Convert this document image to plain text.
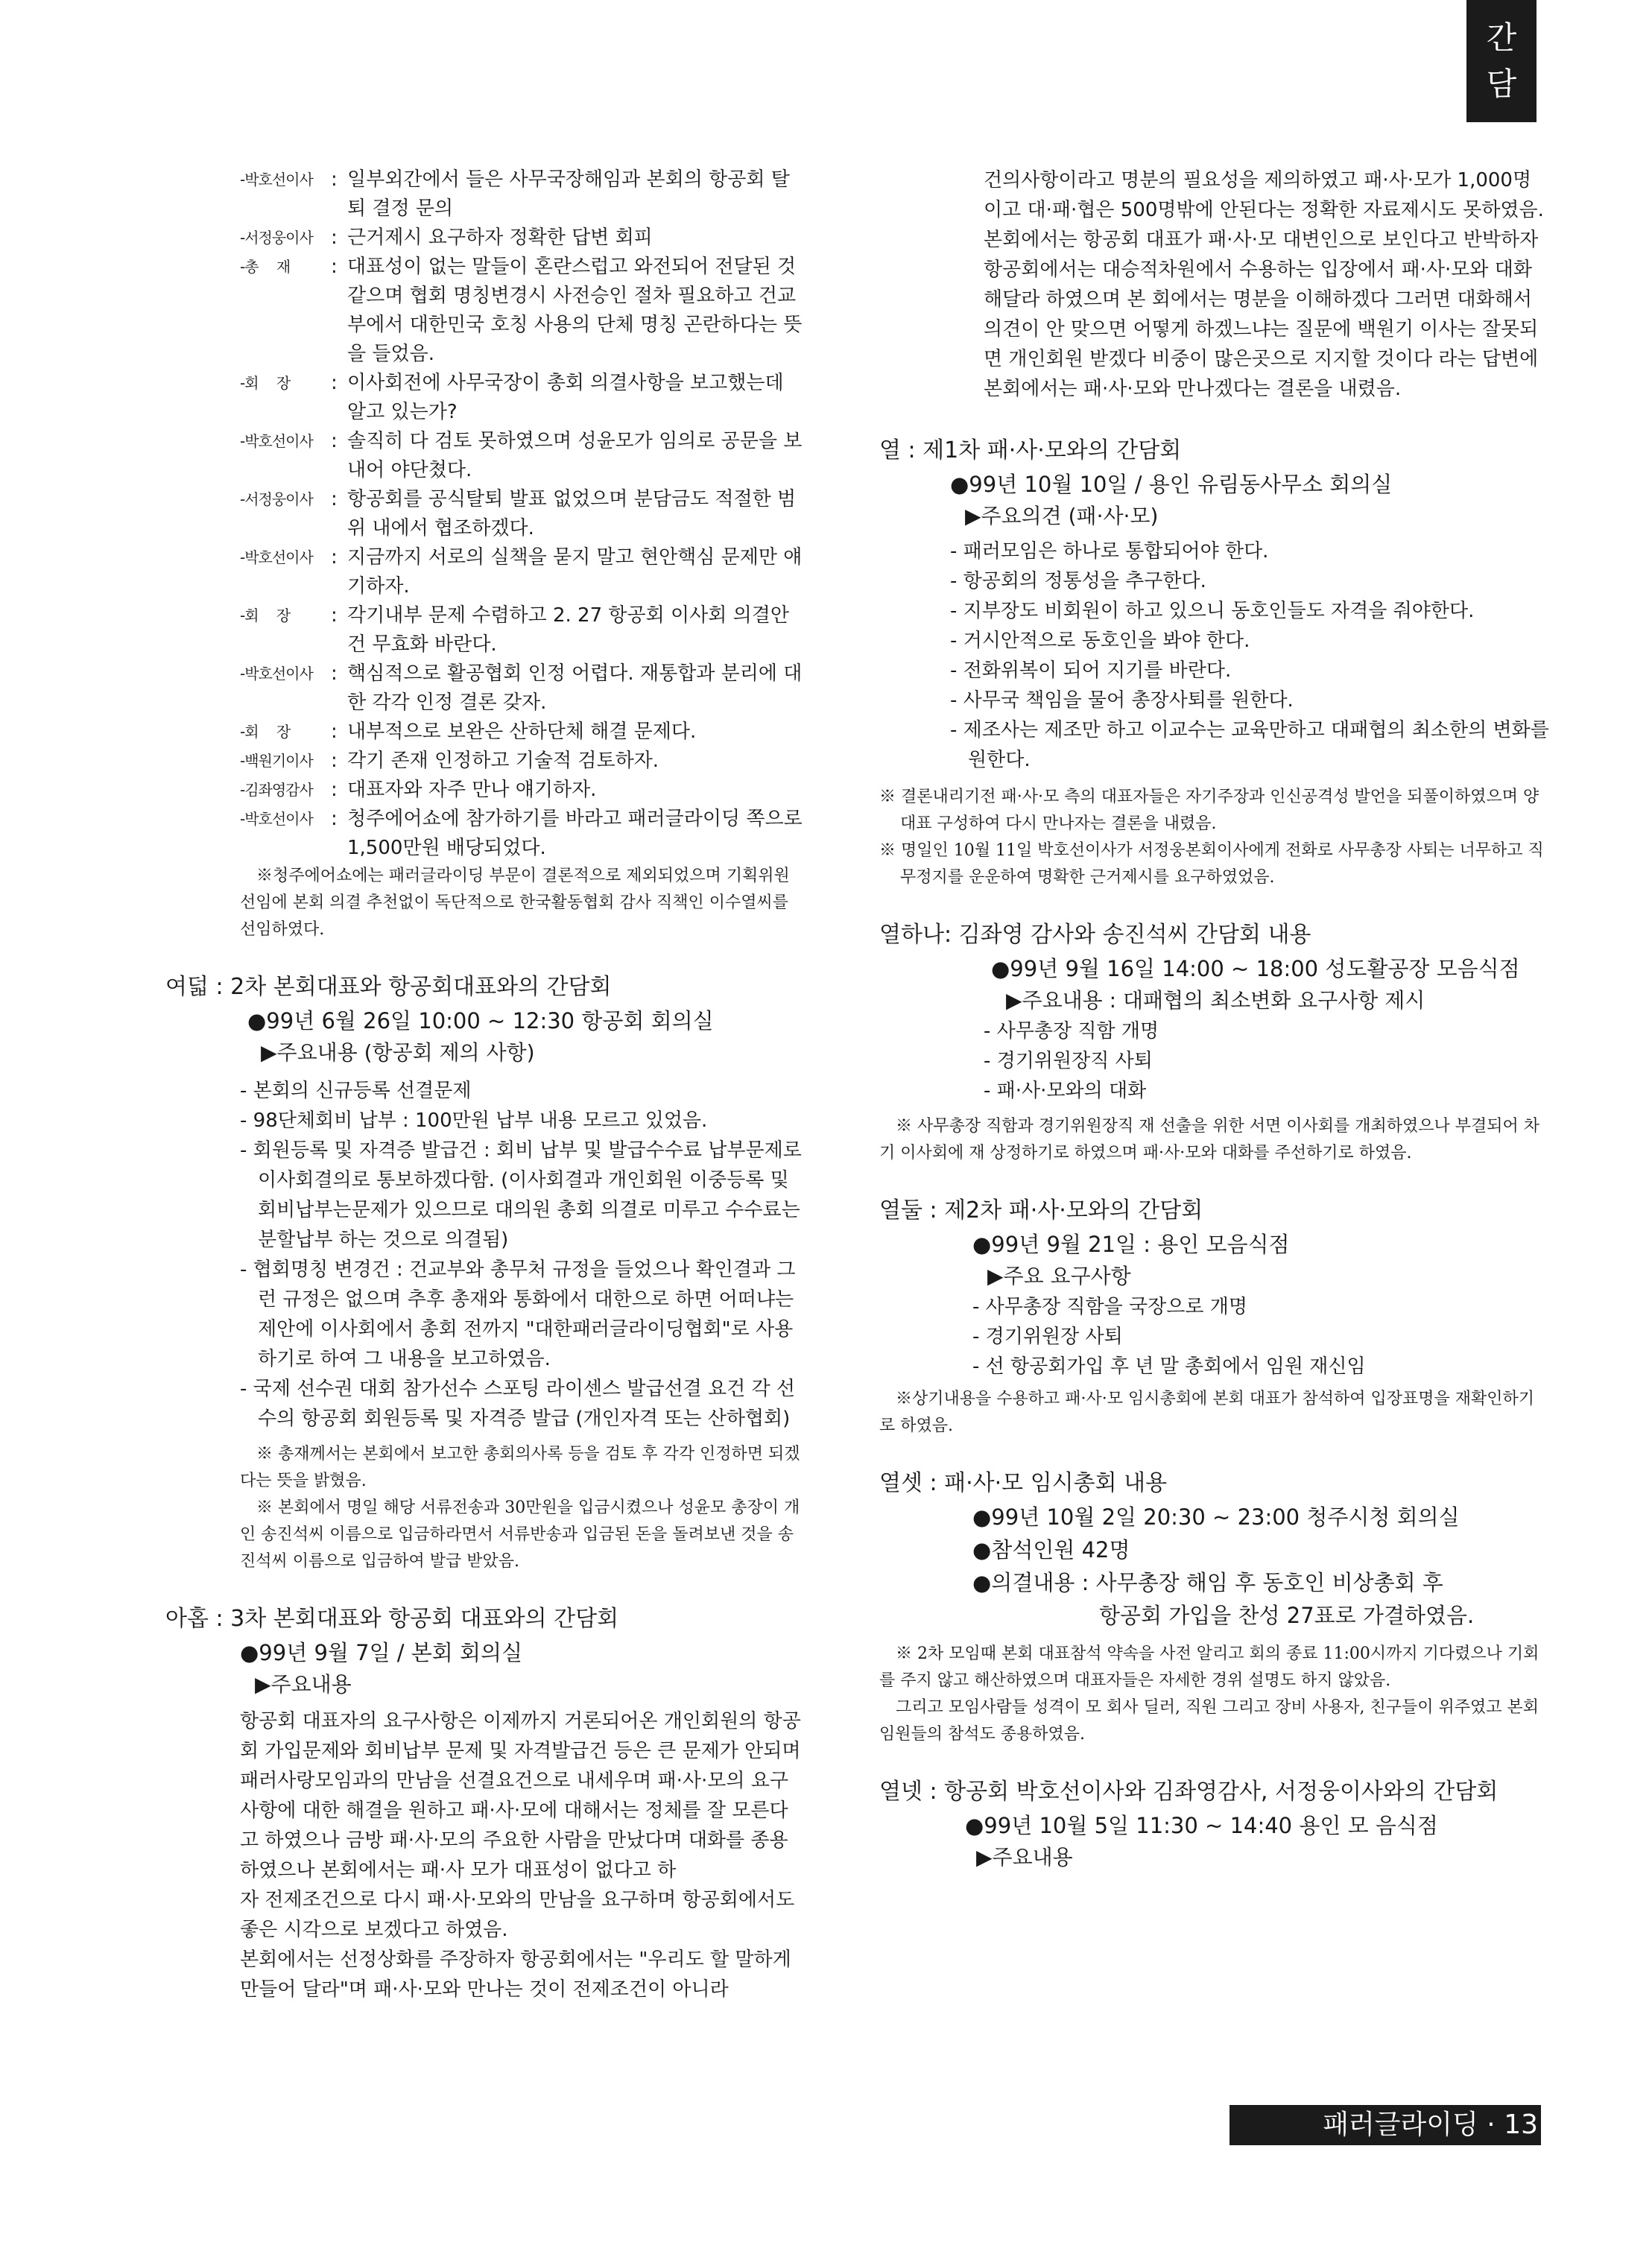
간
담
-박호선이사 : 일부외간에서 들은 사무국장해임과 본회의 항공회 탈퇴 결정 문의
-서정웅이사 : 근거제시 요구하자 정확한 답변 회피
-총　 재	: 대표성이 없는 말들이 혼란스럽고 와전되어 전달된 것 같으며 협회 명칭변경시 사전승인 절차 필요하고 건교부에서 대한민국 호칭 사용의 단체 명칭 곤란하다는 뜻을 들었음.
-회　 장	: 이사회전에 사무국장이 총회 의결사항을 보고했는데 알고 있는가?
-박호선이사 : 솔직히 다 검토 못하였으며 성윤모가 임의로 공문을 보내어 야단쳤다.
-서정웅이사 : 항공회를 공식탈퇴 발표 없었으며 분담금도 적절한 범위 내에서 협조하겠다.
-박호선이사 : 지금까지 서로의 실책을 묻지 말고 현안핵심 문제만 얘기하자.
-회　 장	: 각기내부 문제 수렴하고 2. 27 항공회 이사회 의결안건 무효화 바란다.
-박호선이사 : 핵심적으로 활공협회 인정 어렵다. 재통합과 분리에 대한 각각 인정 결론 갖자.
-회　 장	: 내부적으로 보완은 산하단체 해결 문제다.
-백원기이사 : 각기 존재 인정하고 기술적 검토하자.
-김좌영감사 : 대표자와 자주 만나 얘기하자.
-박호선이사 : 청주에어쇼에 참가하기를 바라고 패러글라이딩 쪽으로 1,500만원 배당되었다.
※청주에어쇼에는 패러글라이딩 부문이 결론적으로 제외되었으며 기획위원 선임에 본회 의결 추천없이 독단적으로 한국활동협회 감사 직책인 이수열씨를 선임하였다.
여덟 : 2차 본회대표와 항공회대표와의 간담회
●99년 6월 26일 10:00 ~ 12:30 항공회 회의실
▶주요내용 (항공회 제의 사항)
- 본회의 신규등록 선결문제
- 98단체회비 납부 : 100만원 납부 내용 모르고 있었음.
- 회원등록 및 자격증 발급건 : 회비 납부 및 발급수수료 납부문제로 이사회결의로 통보하겠다함. (이사회결과 개인회원 이중등록 및 회비납부는문제가 있으므로 대의원 총회 의결로 미루고 수수료는 분할납부 하는 것으로 의결됨)
- 협회명칭 변경건 : 건교부와 총무처 규정을 들었으나 확인결과 그런 규정은 없으며 추후 총재와 통화에서 대한으로 하면 어떠냐는 제안에 이사회에서 총회 전까지 "대한패러글라이딩협회"로 사용하기로 하여 그 내용을 보고하였음.
- 국제 선수권 대회 참가선수 스포팅 라이센스 발급선결 요건 각 선수의 항공회 회원등록 및 자격증 발급 (개인자격 또는 산하협회)
※ 총재께서는 본회에서 보고한 총회의사록 등을 검토 후 각각 인정하면 되겠다는 뜻을 밝혔음.
※ 본회에서 명일 해당 서류전송과 30만원을 입금시켰으나 성윤모 총장이 개인 송진석씨 이름으로 입금하라면서 서류반송과 입금된 돈을 돌려보낸 것을 송진석씨 이름으로 입금하여 발급 받았음.
아홉 : 3차 본회대표와 항공회 대표와의 간담회
●99년 9월 7일 / 본회 회의실
▶주요내용
항공회 대표자의 요구사항은 이제까지 거론되어온 개인회원의 항공회 가입문제와 회비납부 문제 및 자격발급건 등은 큰 문제가 안되며 패러사랑모임과의 만남을 선결요건으로 내세우며 패·사·모의 요구사항에 대한 해결을 원하고 패·사·모에 대해서는 정체를 잘 모른다고 하였으나 금방 패·사·모의 주요한 사람을 만났다며 대화를 종용하였으나 본회에서는 패·사 모가 대표성이 없다고 하
자 전제조건으로 다시 패·사·모와의 만남을 요구하며 항공회에서도 좋은 시각으로 보겠다고 하였음.
본회에서는 선정상화를 주장하자 항공회에서는 "우리도 할 말하게 만들어 달라"며 패·사·모와 만나는 것이 전제조건이 아니라
건의사항이라고 명분의 필요성을 제의하였고 패·사·모가 1,000명이고 대·패·협은 500명밖에 안된다는 정확한 자료제시도 못하였음.
본회에서는 항공회 대표가 패·사·모 대변인으로 보인다고 반박하자 항공회에서는 대승적차원에서 수용하는 입장에서 패·사·모와 대화 해달라 하였으며 본 회에서는 명분을 이해하겠다 그러면 대화해서 의견이 안 맞으면 어떻게 하겠느냐는 질문에 백원기 이사는 잘못되면 개인회원 받겠다 비중이 많은곳으로 지지할 것이다 라는 답변에 본회에서는 패·사·모와 만나겠다는 결론을 내렸음.
열 : 제1차 패·사·모와의 간담회
●99년 10월 10일 / 용인 유림동사무소 회의실
▶주요의견 (패·사·모)
- 패러모임은 하나로 통합되어야 한다.
- 항공회의 정통성을 추구한다.
- 지부장도 비회원이 하고 있으니 동호인들도 자격을 줘야한다.
- 거시안적으로 동호인을 봐야 한다.
- 전화위복이 되어 지기를 바란다.
- 사무국 책임을 물어 총장사퇴를 원한다.
- 제조사는 제조만 하고 이교수는 교육만하고 대패협의 최소한의 변화를 원한다.
※ 결론내리기전 패·사·모 측의 대표자들은 자기주장과 인신공격성 발언을 되풀이하였으며 양대표 구성하여 다시 만나자는 결론을 내렸음.
※ 명일인 10월 11일 박호선이사가 서정웅본회이사에게 전화로 사무총장 사퇴는 너무하고 직무정지를 운운하여 명확한 근거제시를 요구하였었음.
열하나: 김좌영 감사와 송진석씨 간담회 내용
●99년 9월 16일 14:00 ~ 18:00 성도활공장 모음식점
▶주요내용 : 대패협의 최소변화 요구사항 제시
- 사무총장 직함 개명
- 경기위원장직 사퇴
- 패·사·모와의 대화
※ 사무총장 직함과 경기위원장직 재 선출을 위한 서면 이사회를 개최하였으나 부결되어 차기 이사회에 재 상정하기로 하였으며 패·사·모와 대화를 주선하기로 하였음.
열둘 : 제2차 패·사·모와의 간담회
●99년 9월 21일 : 용인 모음식점
▶주요 요구사항
- 사무총장 직함을 국장으로 개명
- 경기위원장 사퇴
- 선 항공회가입 후 년 말 총회에서 임원 재신임
※상기내용을 수용하고 패·사·모 임시총회에 본회 대표가 참석하여 입장표명을 재확인하기로 하였음.
열셋 : 패·사·모 임시총회 내용
●99년 10월 2일 20:30 ~ 23:00 청주시청 회의실
●참석인원 42명
●의결내용 : 사무총장 해임 후 동호인 비상총회 후
항공회 가입을 찬성 27표로 가결하였음.
※ 2차 모임때 본회 대표참석 약속을 사전 알리고 회의 종료 11:00시까지 기다렸으나 기회를 주지 않고 해산하였으며 대표자들은 자세한 경위 설명도 하지 않았음.
그리고 모임사람들 성격이 모 회사 딜러, 직원 그리고 장비 사용자, 친구들이 위주였고 본회임원들의 참석도 종용하였음.
열넷 : 항공회 박호선이사와 김좌영감사, 서정웅이사와의 간담회
●99년 10월 5일 11:30 ~ 14:40 용인 모 음식점
▶주요내용
패러글라이딩 · 13
